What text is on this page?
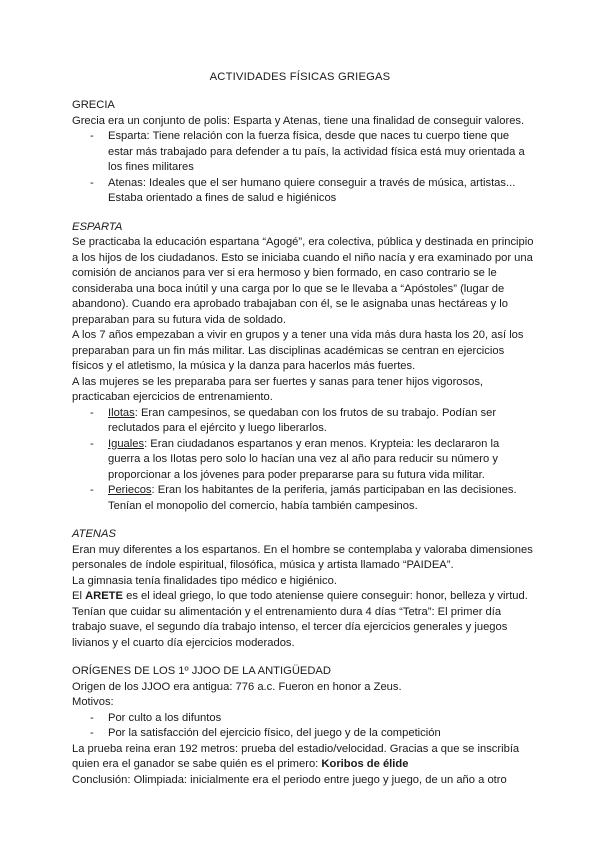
ACTIVIDADES FÍSICAS GRIEGAS

GRECIA

Grecia era un conjunto de polis: Esparta y Atenas, tiene una finalidad de conseguir valores.

- Esparta: Tiene relación con la fuerza física, desde que naces tu cuerpo tiene que estar más trabajado para defender a tu país, la actividad física está muy orientada a los fines militares
- Atenas: Ideales que el ser humano quiere conseguir a través de música, artistas... Estaba orientado a fines de salud e higiénicos

ESPARTA

Se practicaba la educación espartana “Agogé”, era colectiva, pública y destinada en principio a los hijos de los ciudadanos. Esto se iniciaba cuando el niño nacía y era examinado por una comisión de ancianos para ver si era hermoso y bien formado, en caso contrario se le consideraba una boca inútil y una carga por lo que se le llevaba a “Apóstoles” (lugar de abandono). Cuando era aprobado trabajaban con él, se le asignaba unas hectáreas y lo preparaban para su futura vida de soldado.

A los 7 años empezaban a vivir en grupos y a tener una vida más dura hasta los 20, así los preparaban para un fin más militar. Las disciplinas académicas se centran en ejercicios físicos y el atletismo, la música y la danza para hacerlos más fuertes.

A las mujeres se les preparaba para ser fuertes y sanas para tener hijos vigorosos, practicaban ejercicios de entrenamiento.

- Ilotas: Eran campesinos, se quedaban con los frutos de su trabajo. Podían ser reclutados para el ejército y luego liberarlos.
- Iguales: Eran ciudadanos espartanos y eran menos. Krypteia: les declararon la guerra a los Ilotas pero solo lo hacían una vez al año para reducir su número y proporcionar a los jóvenes para poder prepararse para su futura vida militar.
- Periecos: Eran los habitantes de la periferia, jamás participaban en las decisiones. Tenían el monopolio del comercio, había también campesinos.

ATENAS

Eran muy diferentes a los espartanos. En el hombre se contemplaba y valoraba dimensiones personales de índole espiritual, filosófica, música y artista llamado “PAIDEA”.

La gimnasia tenía finalidades tipo médico e higiénico.

El ARETE es el ideal griego, lo que todo ateniense quiere conseguir: honor, belleza y virtud.

Tenían que cuidar su alimentación y el entrenamiento dura 4 días “Tetra”: El primer día trabajo suave, el segundo día trabajo intenso, el tercer día ejercicios generales y juegos livianos y el cuarto día ejercicios moderados.

ORÍGENES DE LOS 1º JJOO DE LA ANTIGÜEDAD

Origen de los JJOO era antigua: 776 a.c. Fueron en honor a Zeus.

Motivos:

- Por culto a los difuntos
- Por la satisfacción del ejercicio físico, del juego y de la competición

La prueba reina eran 192 metros: prueba del estadio/velocidad. Gracias a que se inscribía quien era el ganador se sabe quién es el primero: Koribos de élide

Conclusión: Olimpiada: inicialmente era el periodo entre juego y juego, de un año a otro
